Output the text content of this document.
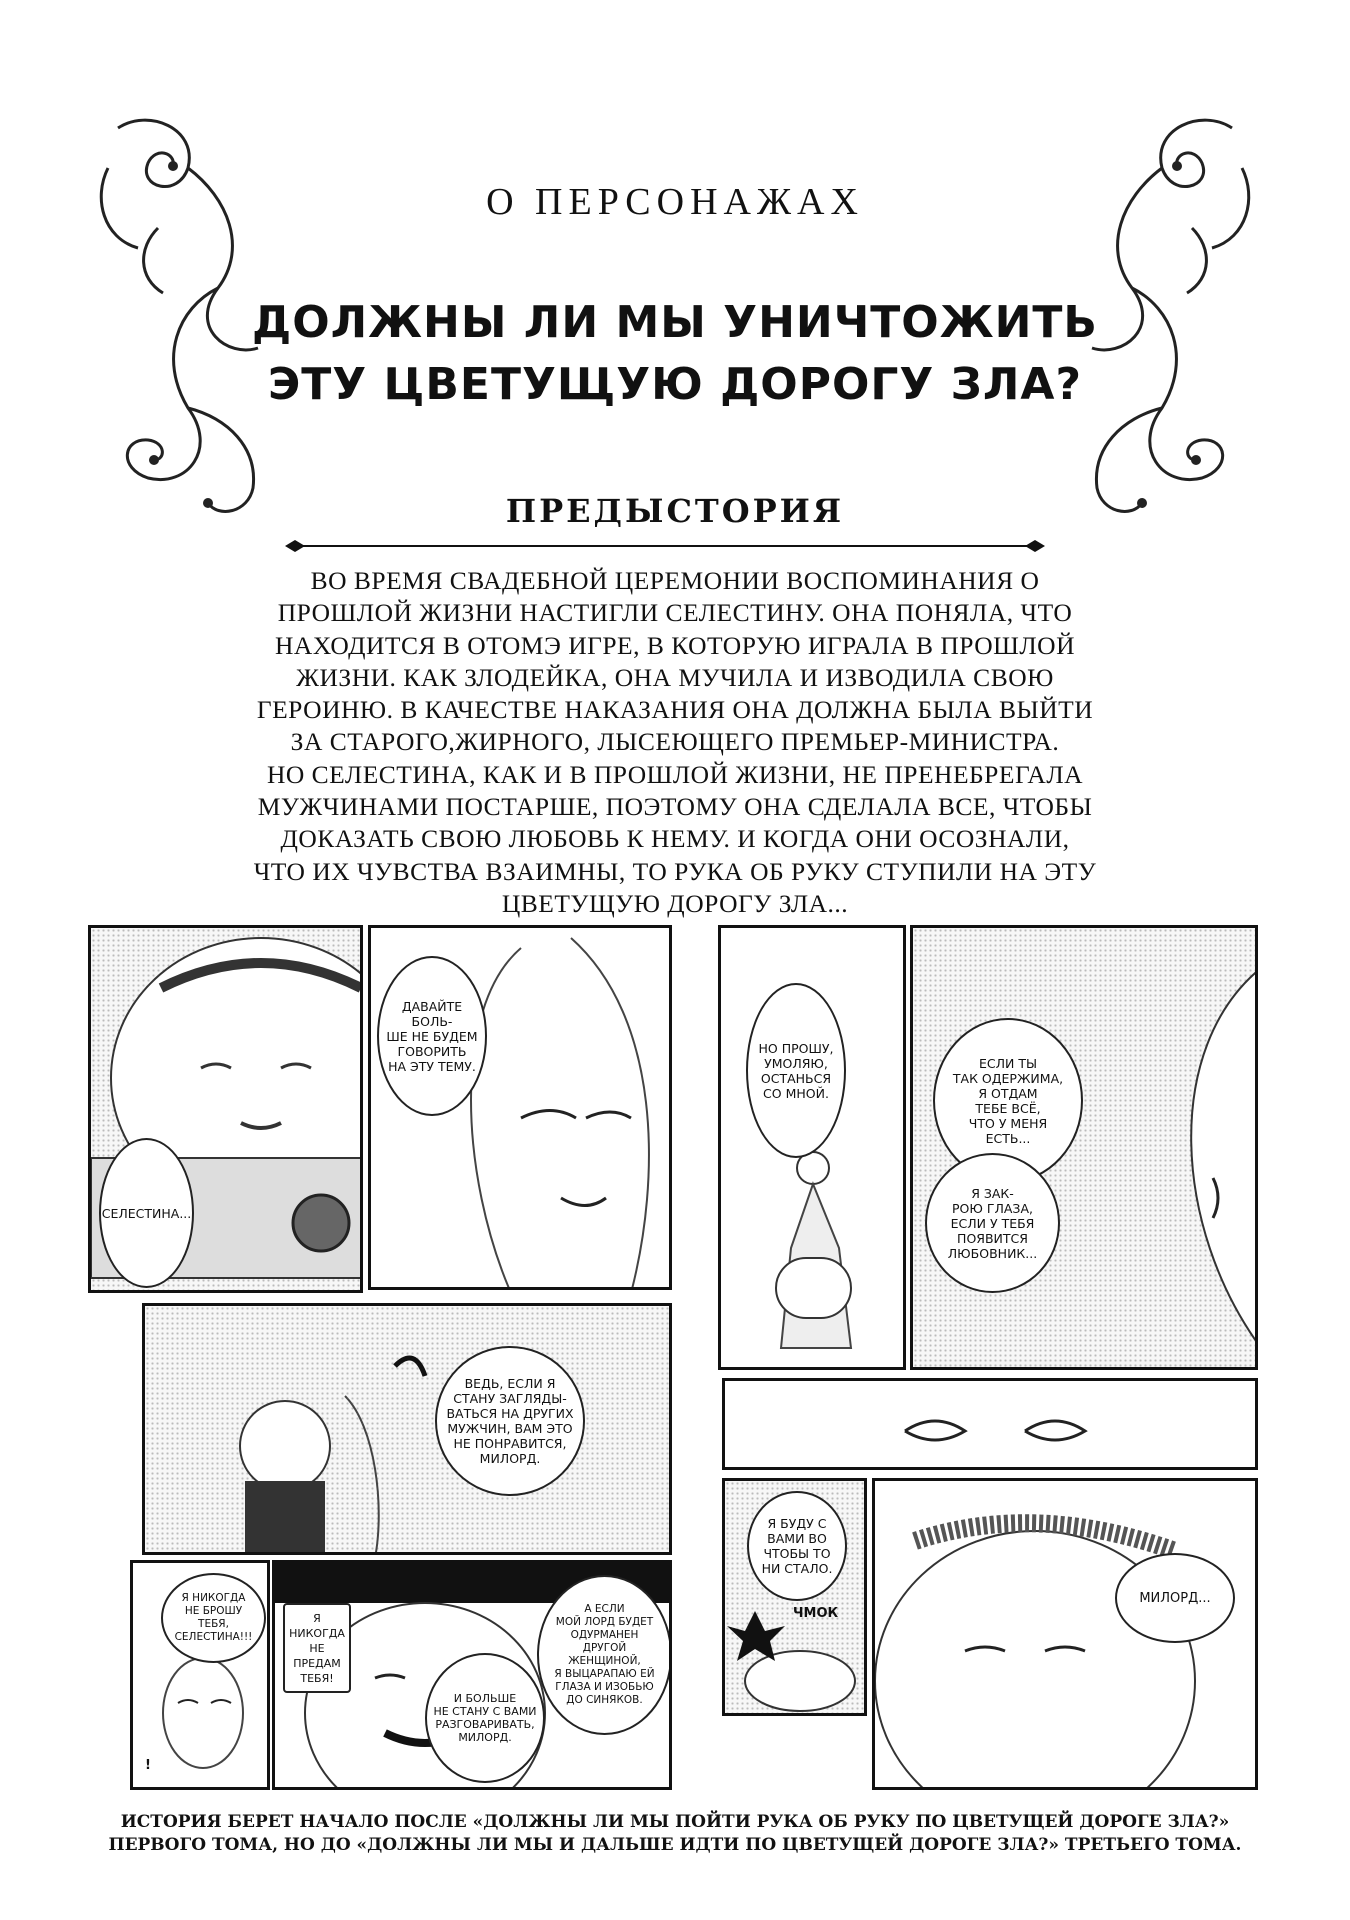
О ПЕРСОНАЖАХ
ДОЛЖНЫ ЛИ МЫ УНИЧТОЖИТЬ
ЭТУ ЦВЕТУЩУЮ ДОРОГУ ЗЛА?
ПРЕДЫСТОРИЯ
ВО ВРЕМЯ СВАДЕБНОЙ ЦЕРЕМОНИИ ВОСПОМИНАНИЯ О
ПРОШЛОЙ ЖИЗНИ НАСТИГЛИ СЕЛЕСТИНУ. ОНА ПОНЯЛА, ЧТО
НАХОДИТСЯ В ОТОМЭ ИГРЕ, В КОТОРУЮ ИГРАЛА В ПРОШЛОЙ
ЖИЗНИ. КАК ЗЛОДЕЙКА, ОНА МУЧИЛА И ИЗВОДИЛА СВОЮ
ГЕРОИНЮ. В КАЧЕСТВЕ НАКАЗАНИЯ ОНА ДОЛЖНА БЫЛА ВЫЙТИ
ЗА СТАРОГО,ЖИРНОГО, ЛЫСЕЮЩЕГО ПРЕМЬЕР-МИНИСТРА.
НО СЕЛЕСТИНА, КАК И В ПРОШЛОЙ ЖИЗНИ, НЕ ПРЕНЕБРЕГАЛА
МУЖЧИНАМИ ПОСТАРШЕ, ПОЭТОМУ ОНА СДЕЛАЛА ВСЕ, ЧТОБЫ
ДОКАЗАТЬ СВОЮ ЛЮБОВЬ К НЕМУ. И КОГДА ОНИ ОСОЗНАЛИ,
ЧТО ИХ ЧУВСТВА ВЗАИМНЫ, ТО РУКА ОБ РУКУ СТУПИЛИ НА ЭТУ
ЦВЕТУЩУЮ ДОРОГУ ЗЛА...
СЕЛЕСТИНА...
ДАВАЙТЕ БОЛЬ-
ШЕ НЕ БУДЕМ
ГОВОРИТЬ
НА ЭТУ ТЕМУ.
ВЕДЬ, ЕСЛИ Я
СТАНУ ЗАГЛЯДЫ-
ВАТЬСЯ НА ДРУГИХ
МУЖЧИН, ВАМ ЭТО
НЕ ПОНРАВИТСЯ,
МИЛОРД.
Я НИКОГДА
НЕ БРОШУ ТЕБЯ,
СЕЛЕСТИНА!!!
!
Я НИКОГДА
НЕ ПРЕДАМ
ТЕБЯ!
И БОЛЬШЕ
НЕ СТАНУ С ВАМИ
РАЗГОВАРИВАТЬ,
МИЛОРД.
А ЕСЛИ
МОЙ ЛОРД БУДЕТ
ОДУРМАНЕН
ДРУГОЙ ЖЕНЩИНОЙ,
Я ВЫЦАРАПАЮ ЕЙ
ГЛАЗА И ИЗОБЬЮ
ДО СИНЯКОВ.
НО ПРОШУ,
УМОЛЯЮ,
ОСТАНЬСЯ
СО МНОЙ.
ЕСЛИ ТЫ
ТАК ОДЕРЖИМА,
Я ОТДАМ
ТЕБЕ ВСЁ,
ЧТО У МЕНЯ
ЕСТЬ...
Я ЗАК-
РОЮ ГЛАЗА,
ЕСЛИ У ТЕБЯ
ПОЯВИТСЯ
ЛЮБОВНИК...
Я БУДУ С
ВАМИ ВО
ЧТОБЫ ТО
НИ СТАЛО.
ЧМОК
МИЛОРД...
ИСТОРИЯ БЕРЕТ НАЧАЛО ПОСЛЕ «ДОЛЖНЫ ЛИ МЫ ПОЙТИ РУКА ОБ РУКУ ПО ЦВЕТУЩЕЙ ДОРОГЕ ЗЛА?»
ПЕРВОГО ТОМА, НО ДО «ДОЛЖНЫ ЛИ МЫ И ДАЛЬШЕ ИДТИ ПО ЦВЕТУЩЕЙ ДОРОГЕ ЗЛА?» ТРЕТЬЕГО ТОМА.
